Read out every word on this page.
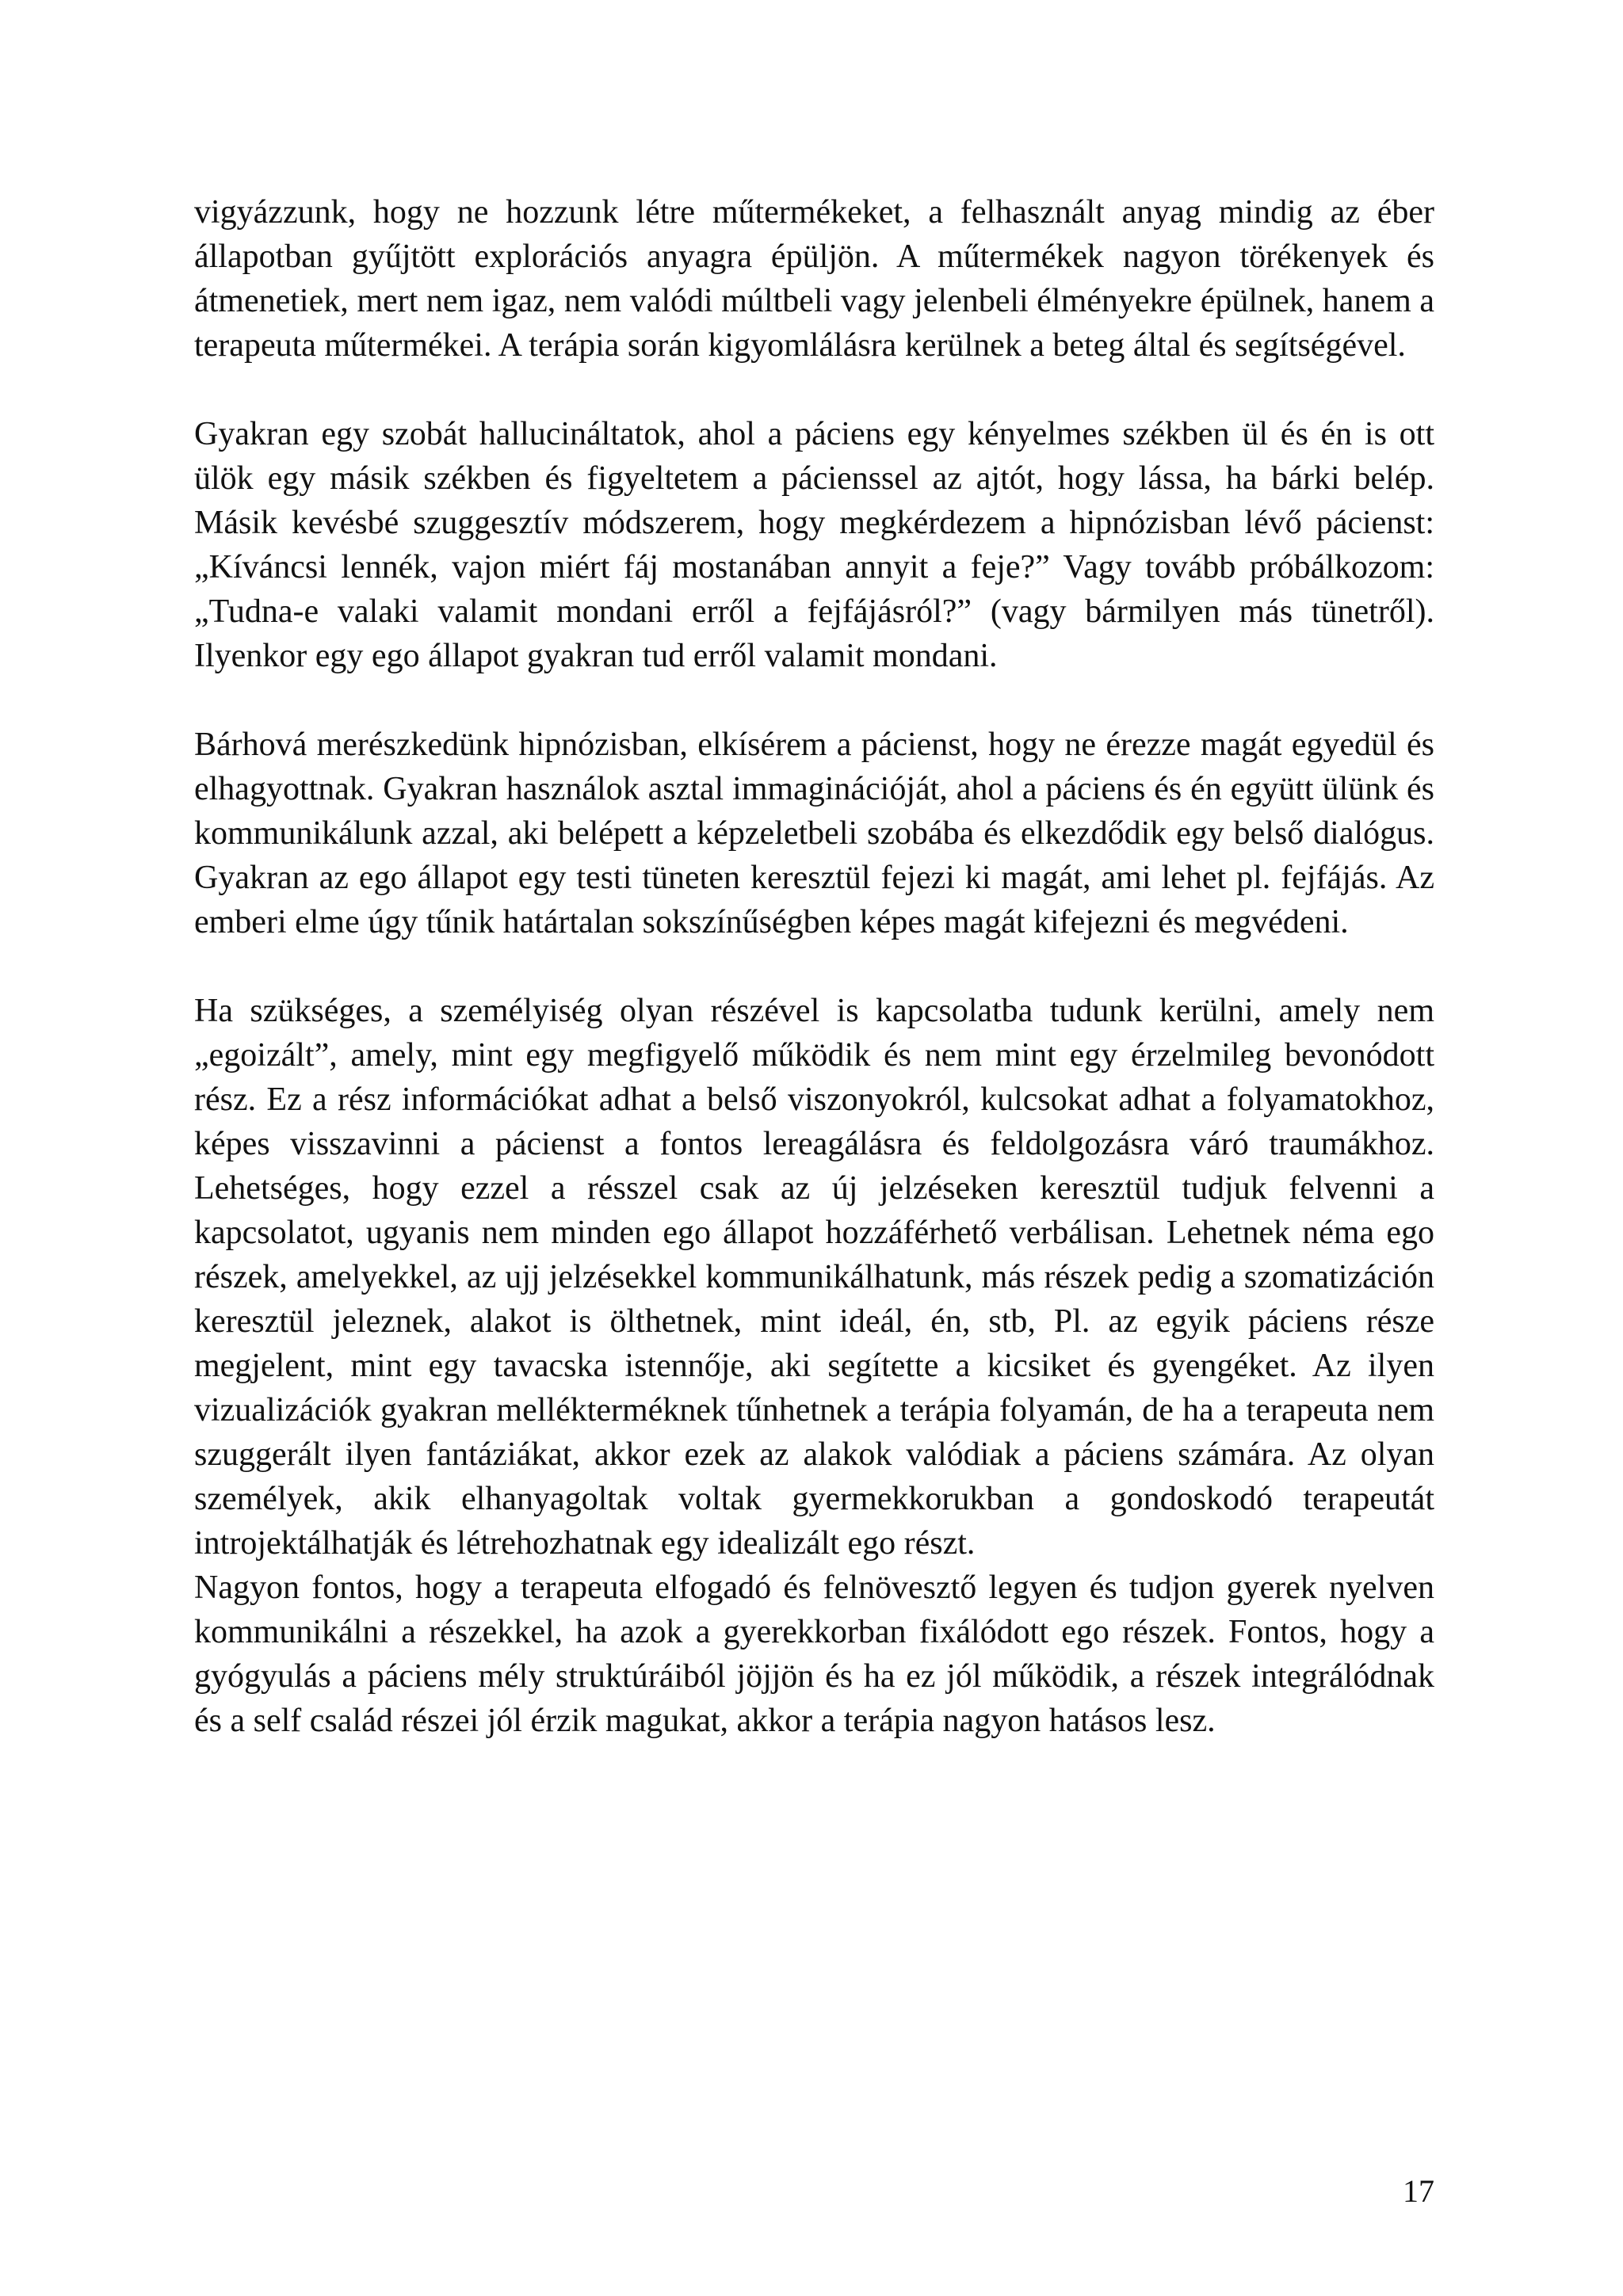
vigyázzunk, hogy ne hozzunk létre műtermékeket, a felhasznált anyag mindig az éber állapotban gyűjtött explorációs anyagra épüljön. A műtermékek nagyon törékenyek és átmenetiek, mert nem igaz, nem valódi múltbeli vagy jelenbeli élményekre épülnek, hanem a terapeuta műtermékei. A terápia során kigyomlálásra kerülnek a beteg által és segítségével.

Gyakran egy szobát hallucináltatok, ahol a páciens egy kényelmes székben ül és én is ott ülök egy másik székben és figyeltetem a pácienssel az ajtót, hogy lássa, ha bárki belép. Másik kevésbé szuggesztív módszerem, hogy megkérdezem a hipnózisban lévő pácienst: „Kíváncsi lennék, vajon miért fáj mostanában annyit a feje?” Vagy tovább próbálkozom: „Tudna-e valaki valamit mondani erről a fejfájásról?” (vagy bármilyen más tünetről). Ilyenkor egy ego állapot gyakran tud erről valamit mondani.

Bárhová merészkedünk hipnózisban, elkísérem a pácienst, hogy ne érezze magát egyedül és elhagyottnak. Gyakran használok asztal immaginációját, ahol a páciens és én együtt ülünk és kommunikálunk azzal, aki belépett a képzeletbeli szobába és elkezdődik egy belső dialógus. Gyakran az ego állapot egy testi tüneten keresztül fejezi ki magát, ami lehet pl. fejfájás. Az emberi elme úgy tűnik határtalan sokszínűségben képes magát kifejezni és megvédeni.

Ha szükséges, a személyiség olyan részével is kapcsolatba tudunk kerülni, amely nem „egoizált”, amely, mint egy megfigyelő működik és nem mint egy érzelmileg bevonódott rész. Ez a rész információkat adhat a belső viszonyokról, kulcsokat adhat a folyamatokhoz, képes visszavinni a pácienst a fontos lereagálásra és feldolgozásra váró traumákhoz. Lehetséges, hogy ezzel a résszel csak az új jelzéseken keresztül tudjuk felvenni a kapcsolatot, ugyanis nem minden ego állapot hozzáférhető verbálisan. Lehetnek néma ego részek, amelyekkel, az ujj jelzésekkel kommunikálhatunk, más részek pedig a szomatizáción keresztül jeleznek, alakot is ölthetnek, mint ideál, én, stb, Pl. az egyik páciens része megjelent, mint egy tavacska istennője, aki segítette a kicsiket és gyengéket. Az ilyen vizualizációk gyakran mellékterméknek tűnhetnek a terápia folyamán, de ha a terapeuta nem szuggerált ilyen fantáziákat, akkor ezek az alakok valódiak a páciens számára. Az olyan személyek, akik elhanyagoltak voltak gyermekkorukban a gondoskodó terapeutát introjektálhatják és létrehozhatnak egy idealizált ego részt.

Nagyon fontos, hogy a terapeuta elfogadó és felnövesztő legyen és tudjon gyerek nyelven kommunikálni a részekkel, ha azok a gyerekkorban fixálódott ego részek. Fontos, hogy a gyógyulás a páciens mély struktúráiból jöjjön és ha ez jól működik, a részek integrálódnak és a self család részei jól érzik magukat, akkor a terápia nagyon hatásos lesz.

17
